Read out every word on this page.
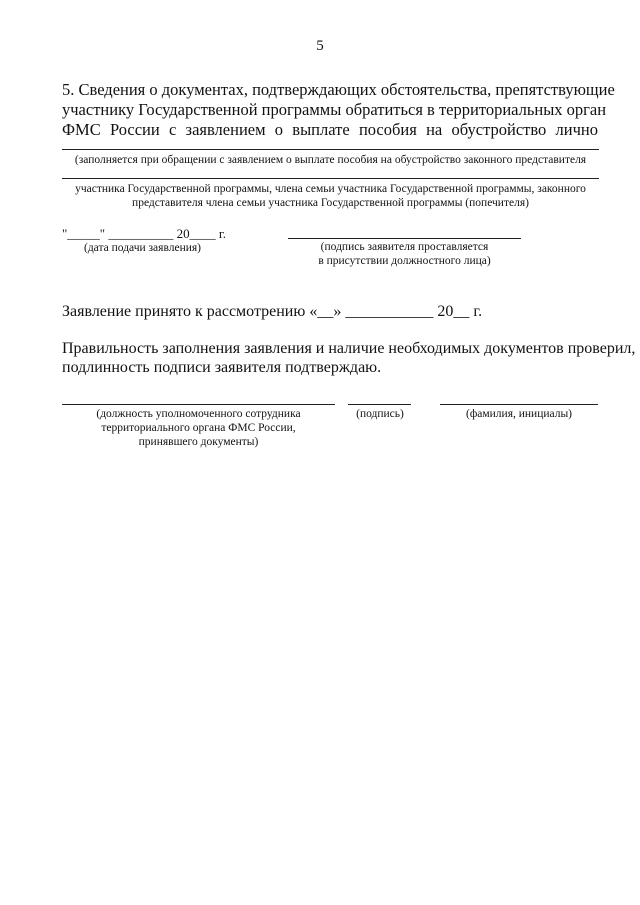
5
5. Сведения о документах, подтверждающих обстоятельства, препятствующие
участнику Государственной программы обратиться в территориальных орган
ФМС России с заявлением о выплате пособия на обустройство лично
(заполняется при обращении с заявлением о выплате пособия на обустройство законного представителя
участника Государственной программы, члена семьи участника Государственной программы, законного
представителя члена семьи участника Государственной программы (попечителя)
"_____" __________ 20____ г.
(дата подачи заявления)	(подпись заявителя проставляется
в присутствии должностного лица)
Заявление принято к рассмотрению «__» ___________ 20__ г.
Правильность заполнения заявления и наличие необходимых документов проверил,
подлинность подписи заявителя подтверждаю.
(должность уполномоченного сотрудника
территориального органа ФМС России,
принявшего документы)
(подпись)	(фамилия, инициалы)
